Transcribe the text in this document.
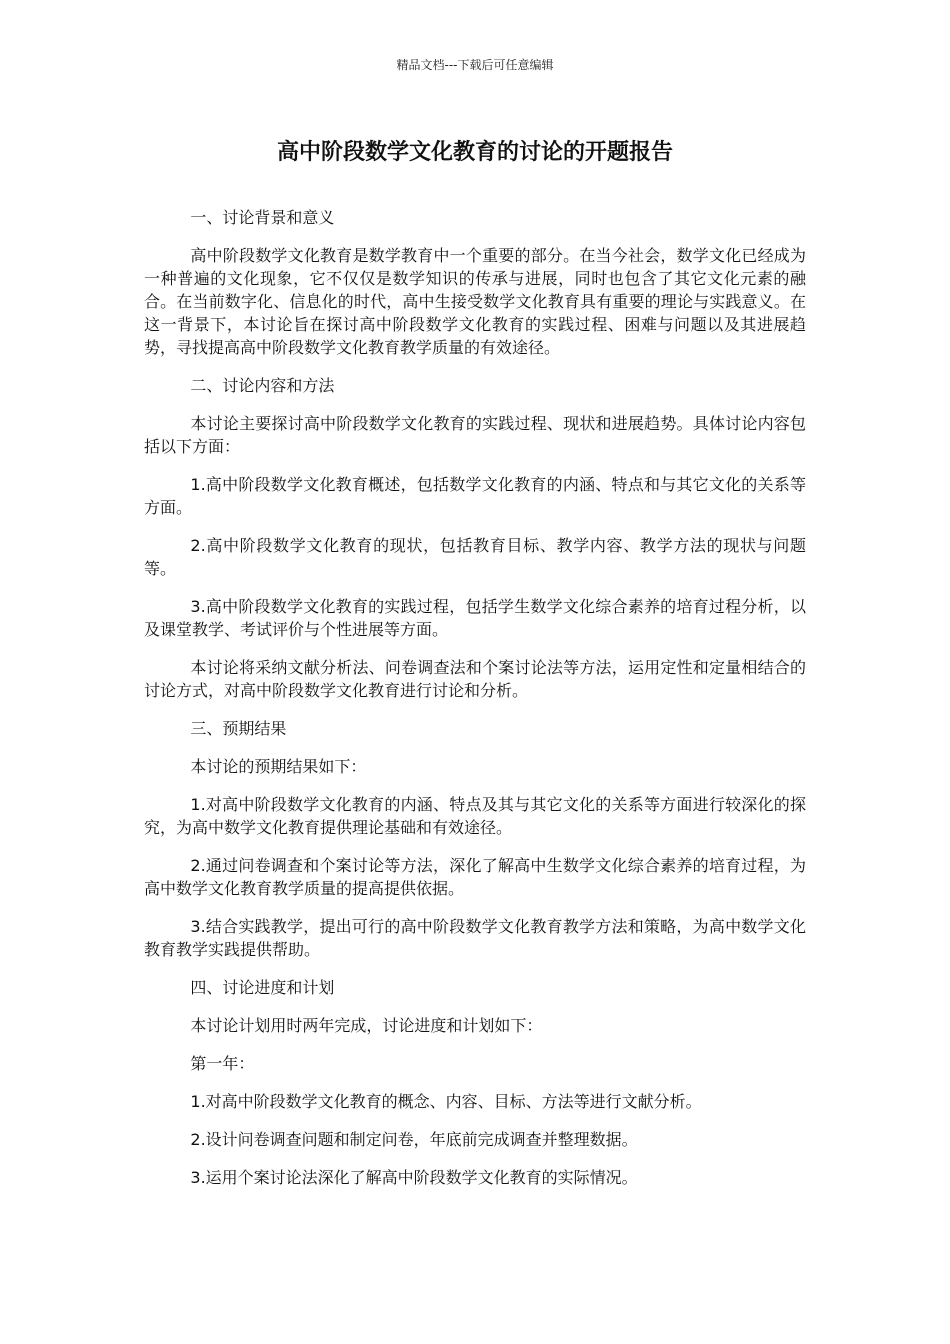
精品文档---下载后可任意编辑
高中阶段数学文化教育的讨论的开题报告

一、讨论背景和意义

高中阶段数学文化教育是数学教育中一个重要的部分。在当今社会，数学文化已经成为一种普遍的文化现象，它不仅仅是数学知识的传承与进展，同时也包含了其它文化元素的融合。在当前数字化、信息化的时代，高中生接受数学文化教育具有重要的理论与实践意义。在这一背景下，本讨论旨在探讨高中阶段数学文化教育的实践过程、困难与问题以及其进展趋势，寻找提高高中阶段数学文化教育教学质量的有效途径。

二、讨论内容和方法

本讨论主要探讨高中阶段数学文化教育的实践过程、现状和进展趋势。具体讨论内容包括以下方面：

1.高中阶段数学文化教育概述，包括数学文化教育的内涵、特点和与其它文化的关系等方面。

2.高中阶段数学文化教育的现状，包括教育目标、教学内容、教学方法的现状与问题等。

3.高中阶段数学文化教育的实践过程，包括学生数学文化综合素养的培育过程分析，以及课堂教学、考试评价与个性进展等方面。

本讨论将采纳文献分析法、问卷调查法和个案讨论法等方法，运用定性和定量相结合的讨论方式，对高中阶段数学文化教育进行讨论和分析。

三、预期结果

本讨论的预期结果如下：

1.对高中阶段数学文化教育的内涵、特点及其与其它文化的关系等方面进行较深化的探究，为高中数学文化教育提供理论基础和有效途径。

2.通过问卷调查和个案讨论等方法，深化了解高中生数学文化综合素养的培育过程，为高中数学文化教育教学质量的提高提供依据。

3.结合实践教学，提出可行的高中阶段数学文化教育教学方法和策略，为高中数学文化教育教学实践提供帮助。

四、讨论进度和计划

本讨论计划用时两年完成，讨论进度和计划如下：

第一年：

1.对高中阶段数学文化教育的概念、内容、目标、方法等进行文献分析。

2.设计问卷调查问题和制定问卷，年底前完成调查并整理数据。

3.运用个案讨论法深化了解高中阶段数学文化教育的实际情况。
